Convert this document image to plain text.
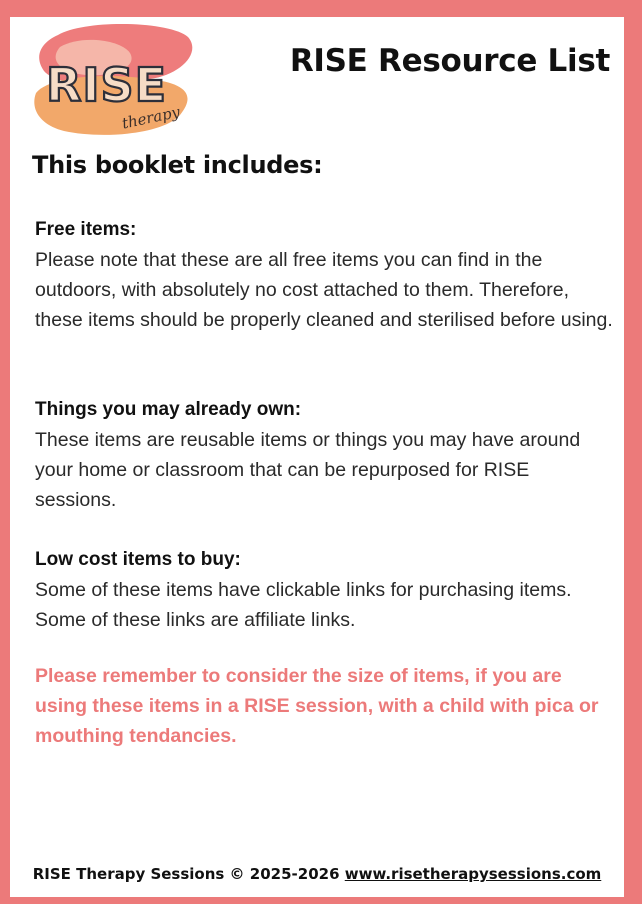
RISE
therapy
RISE Resource List
This booklet includes:

Free items:

Please note that these are all free items you can find in the outdoors, with absolutely no cost attached to them. Therefore, these items should be properly cleaned and sterilised before using.

Things you may already own:

These items are reusable items or things you may have around your home or classroom that can be repurposed for RISE sessions.

Low cost items to buy:

Some of these items have clickable links for purchasing items. Some of these links are affiliate links.

Please remember to consider the size of items, if you are using these items in a RISE session, with a child with pica or mouthing tendancies.

RISE Therapy Sessions © 2025-2026 www.risetherapysessions.com
